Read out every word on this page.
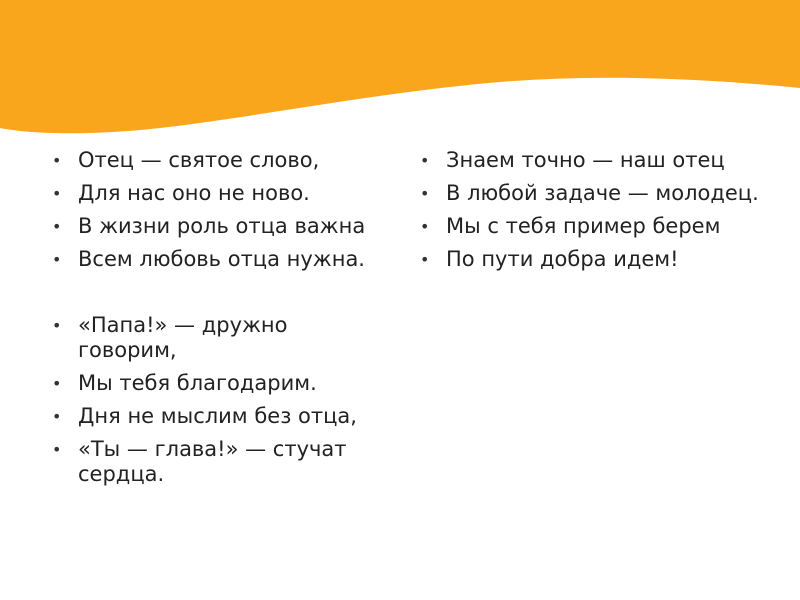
• Отец — святое слово,
• Для нас оно не ново.
• В жизни роль отца важна
• Всем любовь отца нужна.
• «Папа!» — дружно говорим,
• Мы тебя благодарим.
• Дня не мыслим без отца,
• «Ты — глава!» — стучат сердца.
• Знаем точно — наш отец
• В любой задаче — молодец.
• Мы с тебя пример берем
• По пути добра идем!
